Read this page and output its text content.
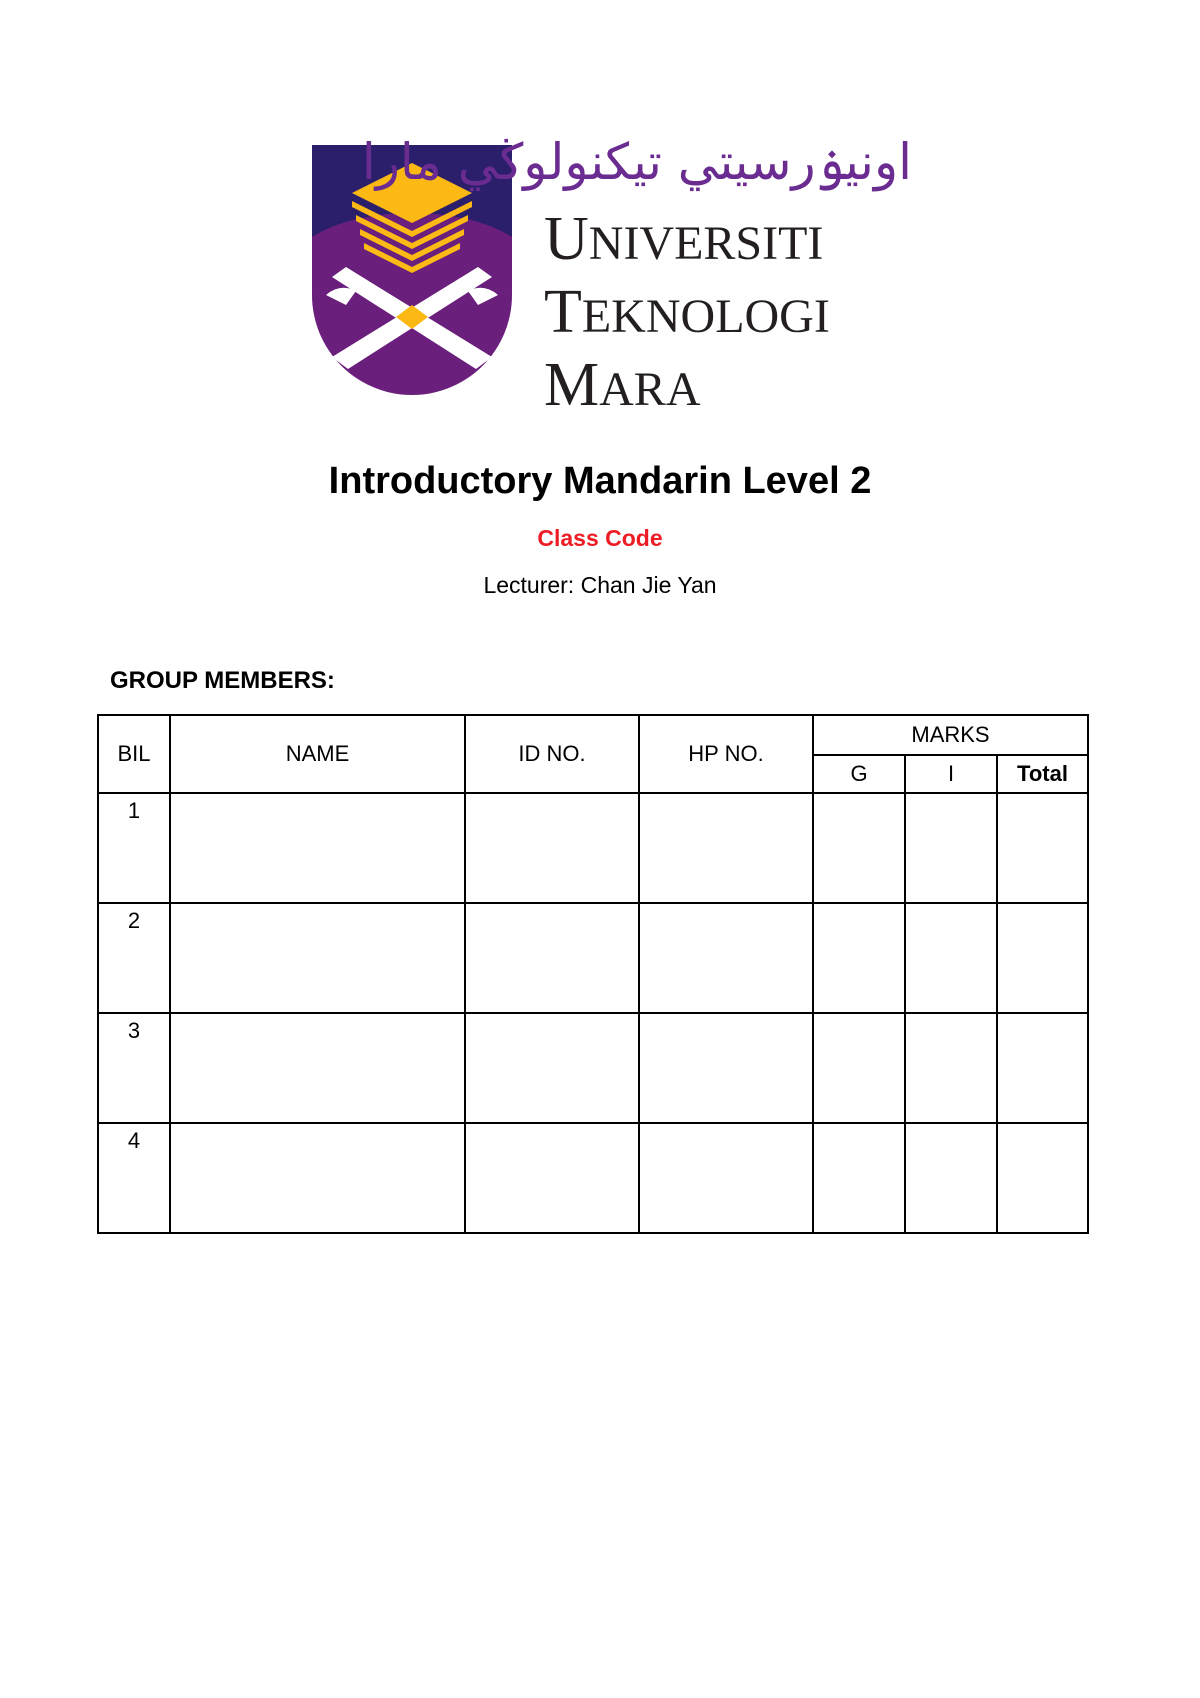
اونيۏرسيتي تيكنولوڬي مارا
UNIVERSITI
TEKNOLOGI
MARA
Introductory Mandarin Level 2
Class Code
Lecturer: Chan Jie Yan
GROUP MEMBERS:
BIL	NAME	ID NO.	HP NO.	MARKS		
				G	I	Total
1						
2						
3						
4						
